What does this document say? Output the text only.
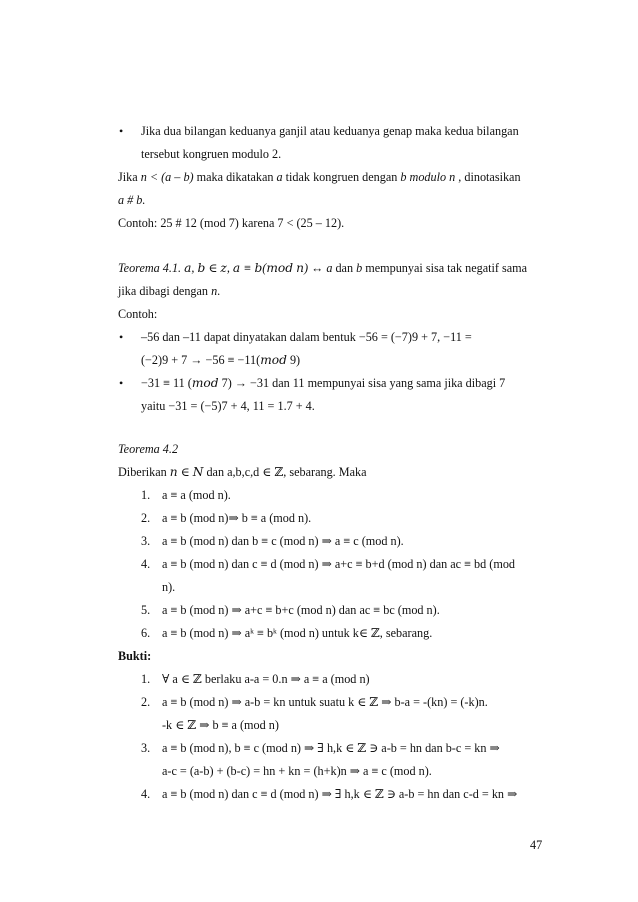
• Jika dua bilangan keduanya ganjil atau keduanya genap maka kedua bilangan
tersebut kongruen modulo 2.
Jika n < (a – b) maka dikatakan a tidak kongruen dengan b modulo n , dinotasikan
a # b.
Contoh: 25 # 12 (mod 7) karena 7 < (25 – 12).
Teorema 4.1. 𝑎, 𝑏 ∈ 𝑧, 𝑎 ≡ 𝑏(𝑚𝑜𝑑 𝑛) ↔ a dan b mempunyai sisa tak negatif sama
jika dibagi dengan n.
Contoh:
• –56 dan –11 dapat dinyatakan dalam bentuk −56 = (−7)9 + 7, −11 =
(−2)9 + 7 → −56 ≡ −11(𝑚𝑜𝑑 9)
• −31 ≡ 11 (𝑚𝑜𝑑 7) → −31 dan 11 mempunyai sisa yang sama jika dibagi 7
yaitu −31 = (−5)7 + 4, 11 = 1.7 + 4.
Teorema 4.2
Diberikan 𝑛 ∈ 𝑁 dan a,b,c,d ∈ ℤ, sebarang. Maka
1. a ≡ a (mod n).
2. a ≡ b (mod n)⇒ b ≡ a (mod n).
3. a ≡ b (mod n) dan b ≡ c (mod n) ⇒ a ≡ c (mod n).
4. a ≡ b (mod n) dan c ≡ d (mod n) ⇒ a+c ≡ b+d (mod n) dan ac ≡ bd (mod
n).
5. a ≡ b (mod n) ⇒ a+c ≡ b+c (mod n) dan ac ≡ bc (mod n).
6. a ≡ b (mod n) ⇒ aᵏ ≡ bᵏ (mod n) untuk k∈ ℤ, sebarang.
Bukti:
1. ∀ a ∈ ℤ berlaku a-a = 0.n ⇒ a ≡ a (mod n)
2. a ≡ b (mod n) ⇒ a-b = kn untuk suatu k ∈ ℤ ⇒ b-a = -(kn) = (-k)n.
-k ∈ ℤ ⇒ b ≡ a (mod n)
3. a ≡ b (mod n), b ≡ c (mod n) ⇒ ∃ h,k ∈ ℤ ∋ a-b = hn dan b-c = kn ⇒
a-c = (a-b) + (b-c) = hn + kn = (h+k)n ⇒ a ≡ c (mod n).
4. a ≡ b (mod n) dan c ≡ d (mod n) ⇒ ∃ h,k ∈ ℤ ∋ a-b = hn dan c-d = kn ⇒
47
